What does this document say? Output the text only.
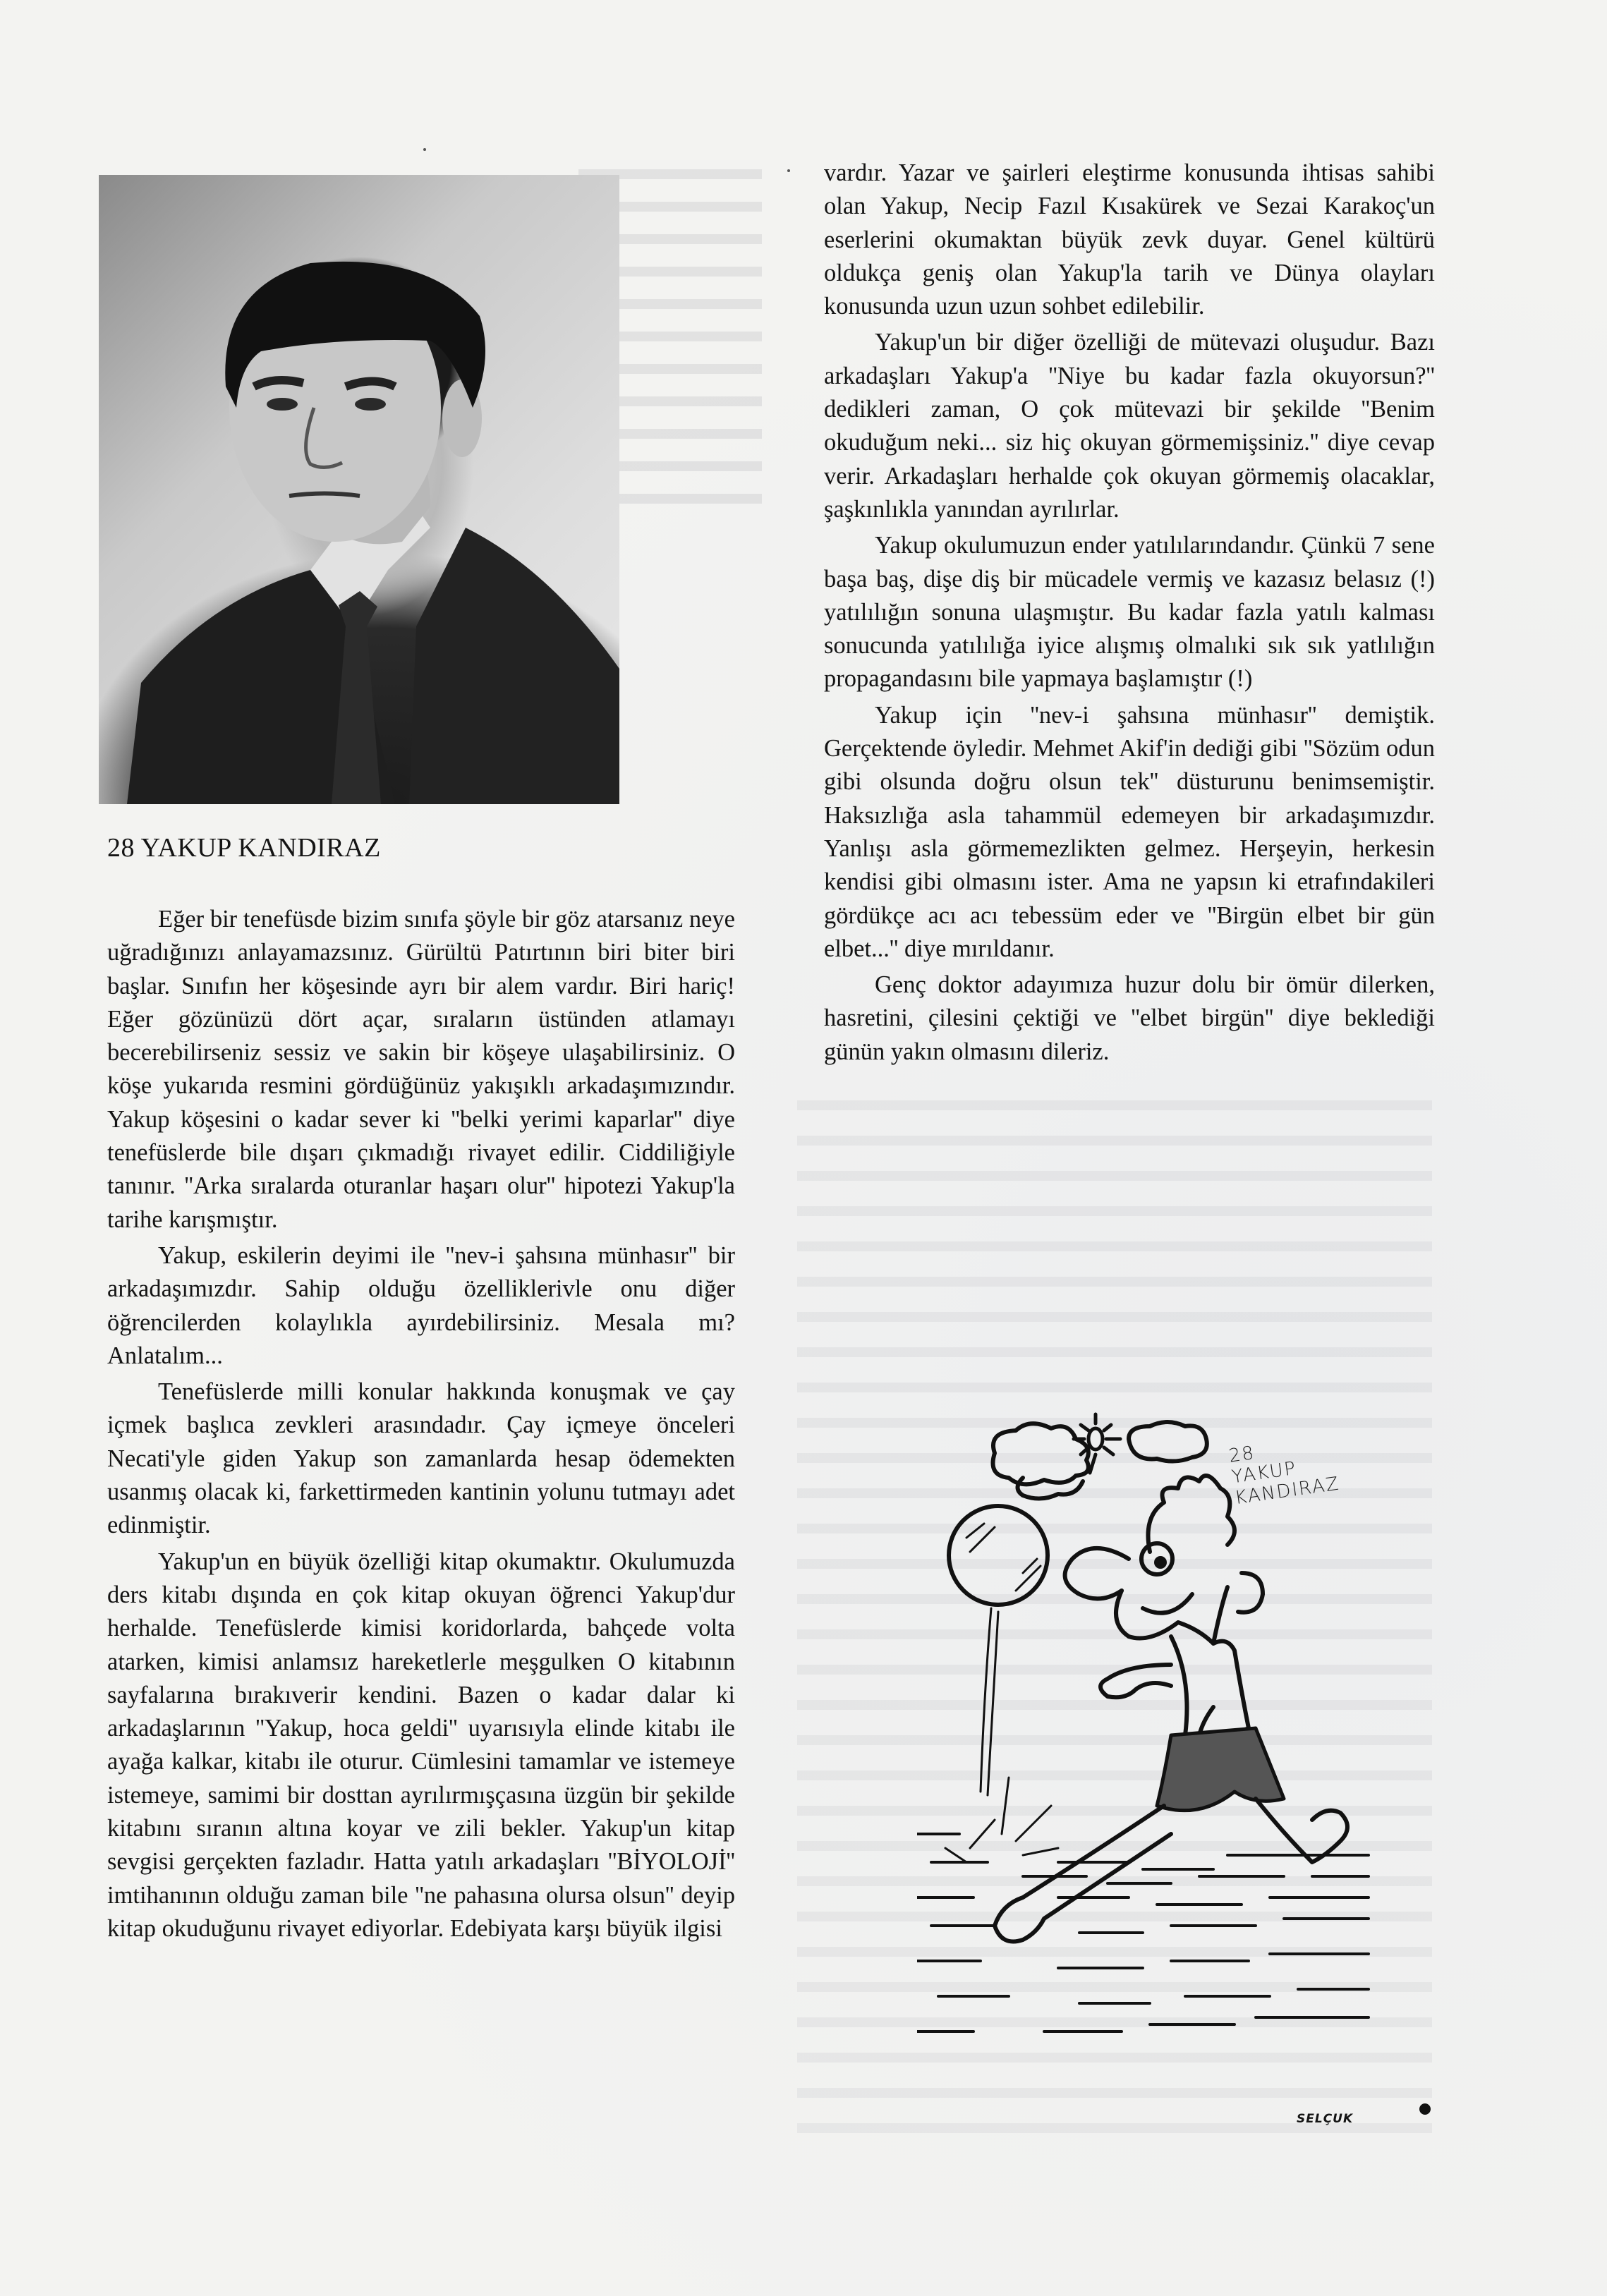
28 YAKUP KANDIRAZ

Eğer bir tenefüsde bizim sınıfa şöyle bir göz atarsanız neye uğradığınızı anlayamazsınız. Gürültü Patırtının biri biter biri başlar. Sınıfın her köşesinde ayrı bir alem vardır. Biri hariç! Eğer gözünüzü dört açar, sıraların üstünden atlamayı becerebilirseniz sessiz ve sakin bir köşeye ulaşabilirsiniz. O köşe yukarıda resmini gördüğünüz yakışıklı arkadaşımızındır. Yakup köşesini o kadar sever ki ''belki yerimi kaparlar'' diye tenefüslerde bile dışarı çıkmadığı rivayet edilir. Ciddiliğiyle tanınır. ''Arka sıralarda oturanlar haşarı olur'' hipotezi Yakup'la tarihe karışmıştır.

Yakup, eskilerin deyimi ile ''nev-i şahsına münhasır'' bir arkadaşımızdır. Sahip olduğu özelliklerivle onu diğer öğrencilerden kolaylıkla ayırdebilirsiniz. Mesala mı? Anlatalım...

Tenefüslerde milli konular hakkında konuşmak ve çay içmek başlıca zevkleri arasındadır. Çay içmeye önceleri Necati'yle giden Yakup son zamanlarda hesap ödemekten usanmış olacak ki, farkettirmeden kantinin yolunu tutmayı adet edinmiştir.

Yakup'un en büyük özelliği kitap okumaktır. Okulumuzda ders kitabı dışında en çok kitap okuyan öğrenci Yakup'dur herhalde. Tenefüslerde kimisi koridorlarda, bahçede volta atarken, kimisi anlamsız hareketlerle meşgulken O kitabının sayfalarına bırakıverir kendini. Bazen o kadar dalar ki arkadaşlarının ''Yakup, hoca geldi'' uyarısıyla elinde kitabı ile ayağa kalkar, kitabı ile oturur. Cümlesini tamamlar ve istemeye istemeye, samimi bir dosttan ayrılırmışçasına üzgün bir şekilde kitabını sıranın altına koyar ve zili bekler. Yakup'un kitap sevgisi gerçekten fazladır. Hatta yatılı arkadaşları ''BİYOLOJİ'' imtihanının olduğu zaman bile ''ne pahasına olursa olsun'' deyip kitap okuduğunu rivayet ediyorlar. Edebiyata karşı büyük ilgisi

vardır. Yazar ve şairleri eleştirme konusunda ihtisas sahibi olan Yakup, Necip Fazıl Kısakürek ve Sezai Karakoç'un eserlerini okumaktan büyük zevk duyar. Genel kültürü oldukça geniş olan Yakup'la tarih ve Dünya olayları konusunda uzun uzun sohbet edilebilir.

Yakup'un bir diğer özelliği de mütevazi oluşudur. Bazı arkadaşları Yakup'a ''Niye bu kadar fazla okuyorsun?'' dedikleri zaman, O çok mütevazi bir şekilde ''Benim okuduğum neki... siz hiç okuyan görmemişsiniz.'' diye cevap verir. Arkadaşları herhalde çok okuyan görmemiş olacaklar, şaşkınlıkla yanından ayrılırlar.

Yakup okulumuzun ender yatılılarındandır. Çünkü 7 sene başa baş, dişe diş bir mücadele vermiş ve kazasız belasız (!) yatılılığın sonuna ulaşmıştır. Bu kadar fazla yatılı kalması sonucunda yatılılığa iyice alışmış olmalıki sık sık yatlılığın propagandasını bile yapmaya başlamıştır (!)

Yakup için ''nev-i şahsına münhasır'' demiştik. Gerçektende öyledir. Mehmet Akif'in dediği gibi ''Sözüm odun gibi olsunda doğru olsun tek'' düsturunu benimsemiştir. Haksızlığa asla tahammül edemeyen bir arkadaşımızdır. Yanlışı asla görmemezlikten gelmez. Herşeyin, herkesin kendisi gibi olmasını ister. Ama ne yapsın ki etrafındakileri gördükçe acı acı tebessüm eder ve ''Birgün elbet bir gün elbet...'' diye mırıldanır.

Genç doktor adayımıza huzur dolu bir ömür dilerken, hasretini, çilesini çektiği ve ''elbet birgün'' diye beklediği günün yakın olmasını dileriz.

28
YAKUP
KANDIRAZ
SELÇUK
